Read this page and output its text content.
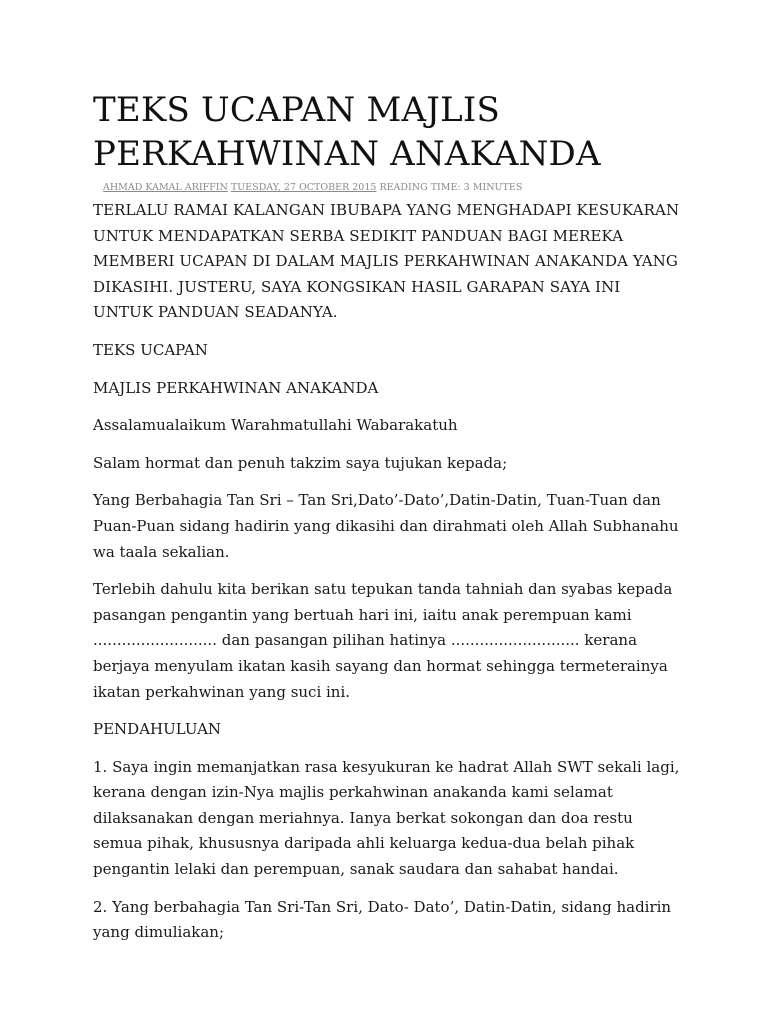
TEKS UCAPAN MAJLIS PERKAHWINAN ANAKANDA
AHMAD KAMAL ARIFFIN TUESDAY, 27 OCTOBER 2015 READING TIME: 3 MINUTES
TERLALU RAMAI KALANGAN IBUBAPA YANG MENGHADAPI KESUKARAN UNTUK MENDAPATKAN SERBA SEDIKIT PANDUAN BAGI MEREKA MEMBERI UCAPAN DI DALAM MAJLIS PERKAHWINAN ANAKANDA YANG DIKASIHI. JUSTERU, SAYA KONGSIKAN HASIL GARAPAN SAYA INI UNTUK PANDUAN SEADANYA.

TEKS UCAPAN

MAJLIS PERKAHWINAN ANAKANDA

Assalamualaikum Warahmatullahi Wabarakatuh

Salam hormat dan penuh takzim saya tujukan kepada;

Yang Berbahagia Tan Sri – Tan Sri,Dato’-Dato’,Datin-Datin, Tuan-Tuan dan Puan-Puan sidang hadirin yang dikasihi dan dirahmati oleh Allah Subhanahu wa taala sekalian.

Terlebih dahulu kita berikan satu tepukan tanda tahniah dan syabas kepada pasangan pengantin yang bertuah hari ini, iaitu anak perempuan kami .......................... dan pasangan pilihan hatinya ........................... kerana berjaya menyulam ikatan kasih sayang dan hormat sehingga termeterainya ikatan perkahwinan yang suci ini.

PENDAHULUAN

1. Saya ingin memanjatkan rasa kesyukuran ke hadrat Allah SWT sekali lagi, kerana dengan izin-Nya majlis perkahwinan anakanda kami selamat dilaksanakan dengan meriahnya. Ianya berkat sokongan dan doa restu semua pihak, khususnya daripada ahli keluarga kedua-dua belah pihak pengantin lelaki dan perempuan, sanak saudara dan sahabat handai.

2. Yang berbahagia Tan Sri-Tan Sri, Dato- Dato’, Datin-Datin, sidang hadirin yang dimuliakan;
